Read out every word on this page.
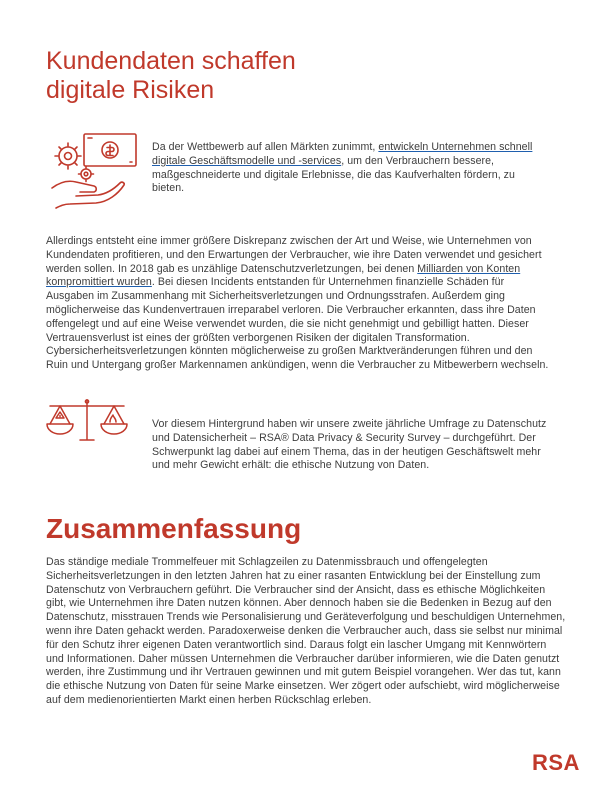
Kundendaten schaffen
digitale Risiken

Da der Wettbewerb auf allen Märkten zunimmt, entwickeln Unternehmen schnell digitale Geschäftsmodelle und -services, um den Verbrauchern bessere, maßgeschneiderte und digitale Erlebnisse, die das Kaufverhalten fördern, zu bieten.

Allerdings entsteht eine immer größere Diskrepanz zwischen der Art und Weise, wie Unternehmen von Kundendaten profitieren, und den Erwartungen der Verbraucher, wie ihre Daten verwendet und gesichert werden sollen. In 2018 gab es unzählige Datenschutzverletzungen, bei denen Milliarden von Konten kompromittiert wurden. Bei diesen Incidents entstanden für Unternehmen finanzielle Schäden für Ausgaben im Zusammenhang mit Sicherheitsverletzungen und Ordnungsstrafen. Außerdem ging möglicherweise das Kundenvertrauen irreparabel verloren. Die Verbraucher erkannten, dass ihre Daten offengelegt und auf eine Weise verwendet wurden, die sie nicht genehmigt und gebilligt hatten. Dieser Vertrauensverlust ist eines der größten verborgenen Risiken der digitalen Transformation. Cybersicherheitsverletzungen könnten möglicherweise zu großen Marktveränderungen führen und den Ruin und Untergang großer Markennamen ankündigen, wenn die Verbraucher zu Mitbewerbern wechseln.

Vor diesem Hintergrund haben wir unsere zweite jährliche Umfrage zu Datenschutz und Datensicherheit – RSA® Data Privacy & Security Survey – durchgeführt. Der Schwerpunkt lag dabei auf einem Thema, das in der heutigen Geschäftswelt mehr und mehr Gewicht erhält: die ethische Nutzung von Daten.

Zusammenfassung

Das ständige mediale Trommelfeuer mit Schlagzeilen zu Datenmissbrauch und offengelegten Sicherheitsverletzungen in den letzten Jahren hat zu einer rasanten Entwicklung bei der Einstellung zum Datenschutz von Verbrauchern geführt. Die Verbraucher sind der Ansicht, dass es ethische Möglichkeiten gibt, wie Unternehmen ihre Daten nutzen können. Aber dennoch haben sie die Bedenken in Bezug auf den Datenschutz, misstrauen Trends wie Personalisierung und Geräteverfolgung und beschuldigen Unternehmen, wenn ihre Daten gehackt werden. Paradoxerweise denken die Verbraucher auch, dass sie selbst nur minimal für den Schutz ihrer eigenen Daten verantwortlich sind. Daraus folgt ein lascher Umgang mit Kennwörtern und Informationen. Daher müssen Unternehmen die Verbraucher darüber informieren, wie die Daten genutzt werden, ihre Zustimmung und ihr Vertrauen gewinnen und mit gutem Beispiel vorangehen. Wer das tut, kann die ethische Nutzung von Daten für seine Marke einsetzen. Wer zögert oder aufschiebt, wird möglicherweise auf dem medienorientierten Markt einen herben Rückschlag erleben.

RSA
